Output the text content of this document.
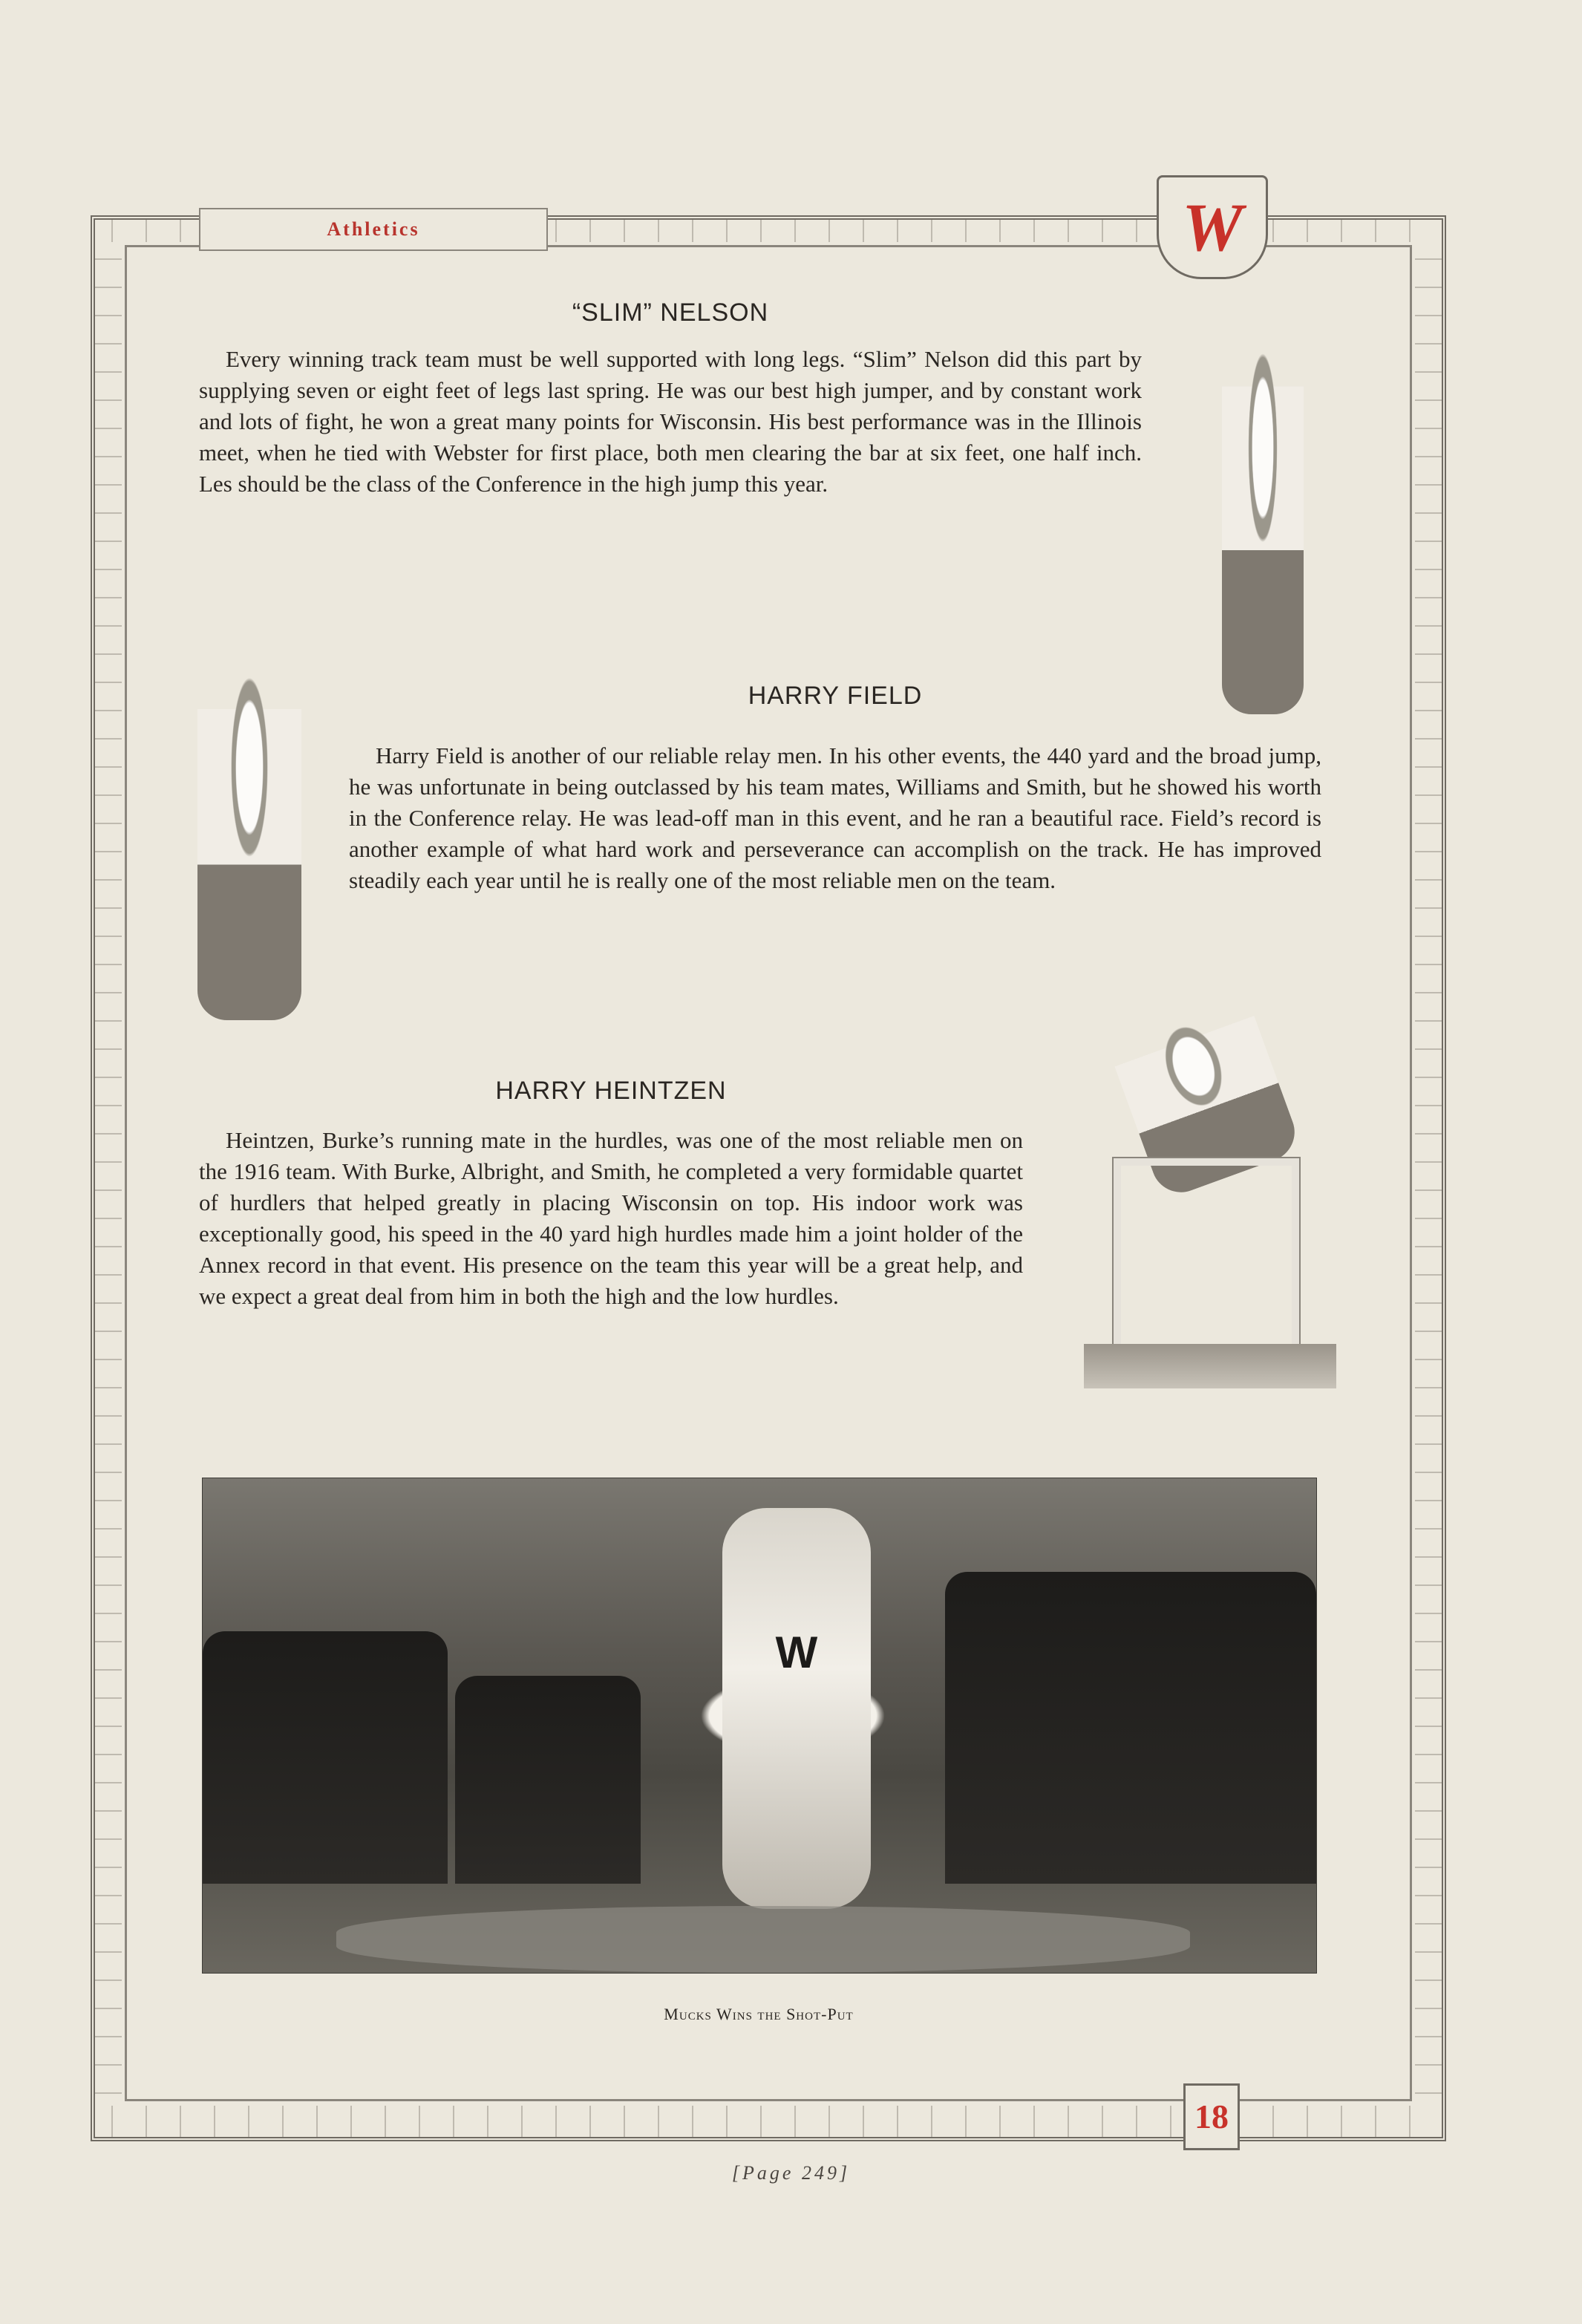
Athletics	W
“SLIM” NELSON

Every winning track team must be well supported with long legs. “Slim” Nelson did this part by supplying seven or eight feet of legs last spring. He was our best high jumper, and by constant work and lots of fight, he won a great many points for Wisconsin. His best performance was in the Illinois meet, when he tied with Webster for first place, both men clearing the bar at six feet, one half inch. Les should be the class of the Conference in the high jump this year.

HARRY FIELD

Harry Field is another of our reliable relay men. In his other events, the 440 yard and the broad jump, he was unfortunate in being outclassed by his team mates, Williams and Smith, but he showed his worth in the Conference relay. He was lead-off man in this event, and he ran a beautiful race. Field’s record is another example of what hard work and perseverance can accomplish on the track. He has improved steadily each year until he is really one of the most reliable men on the team.

HARRY HEINTZEN

Heintzen, Burke’s running mate in the hurdles, was one of the most reliable men on the 1916 team. With Burke, Albright, and Smith, he completed a very formidable quartet of hurdlers that helped greatly in placing Wisconsin on top. His indoor work was exceptionally good, his speed in the 40 yard high hurdles made him a joint holder of the Annex record in that event. His presence on the team this year will be a great help, and we expect a great deal from him in both the high and the low hurdles.

W
Mucks Wins the Shot-Put
18
[Page 249]
